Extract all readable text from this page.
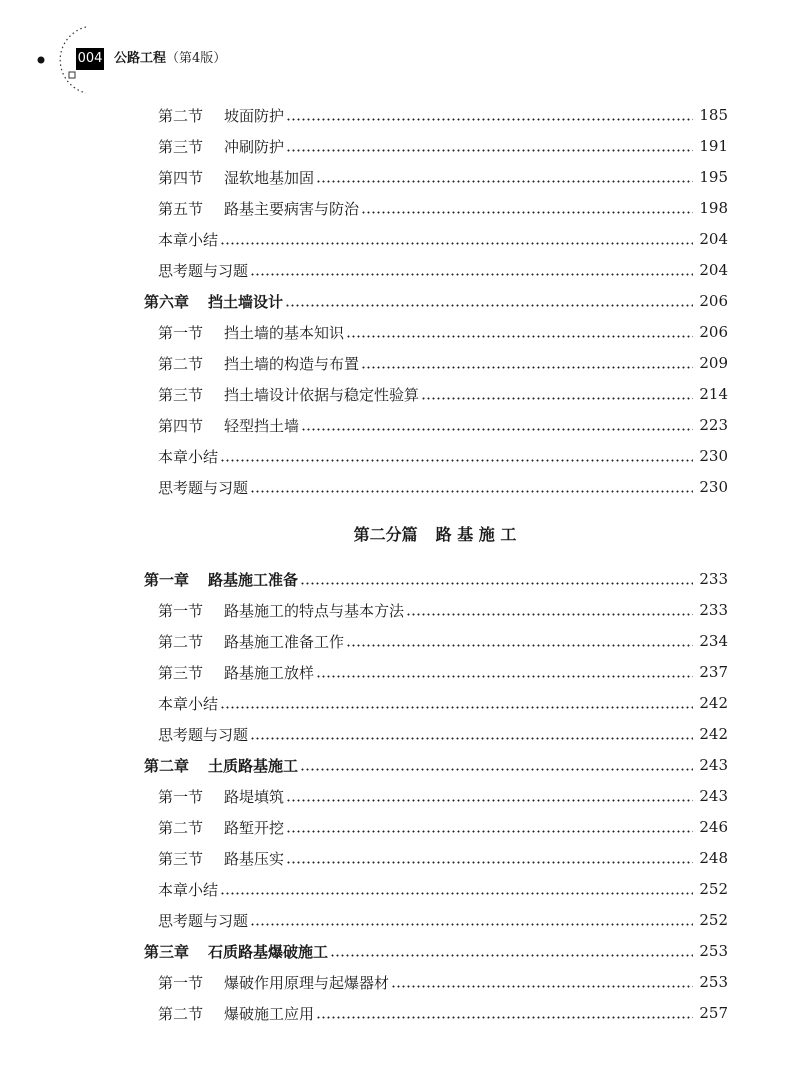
004 公路工程（第4版）
第二节	坡面防护	185
第三节	冲刷防护	191
第四节	湿软地基加固	195
第五节	路基主要病害与防治	198
本章小结	204
思考题与习题	204
第六章	挡土墙设计	206
第一节	挡土墙的基本知识	206
第二节	挡土墙的构造与布置	209
第三节	挡土墙设计依据与稳定性验算	214
第四节	轻型挡土墙	223
本章小结	230
思考题与习题	230
第二分篇 路 基 施 工
第一章	路基施工准备	233
第一节	路基施工的特点与基本方法	233
第二节	路基施工准备工作	234
第三节	路基施工放样	237
本章小结	242
思考题与习题	242
第二章	土质路基施工	243
第一节	路堤填筑	243
第二节	路堑开挖	246
第三节	路基压实	248
本章小结	252
思考题与习题	252
第三章	石质路基爆破施工	253
第一节	爆破作用原理与起爆器材	253
第二节	爆破施工应用	257
